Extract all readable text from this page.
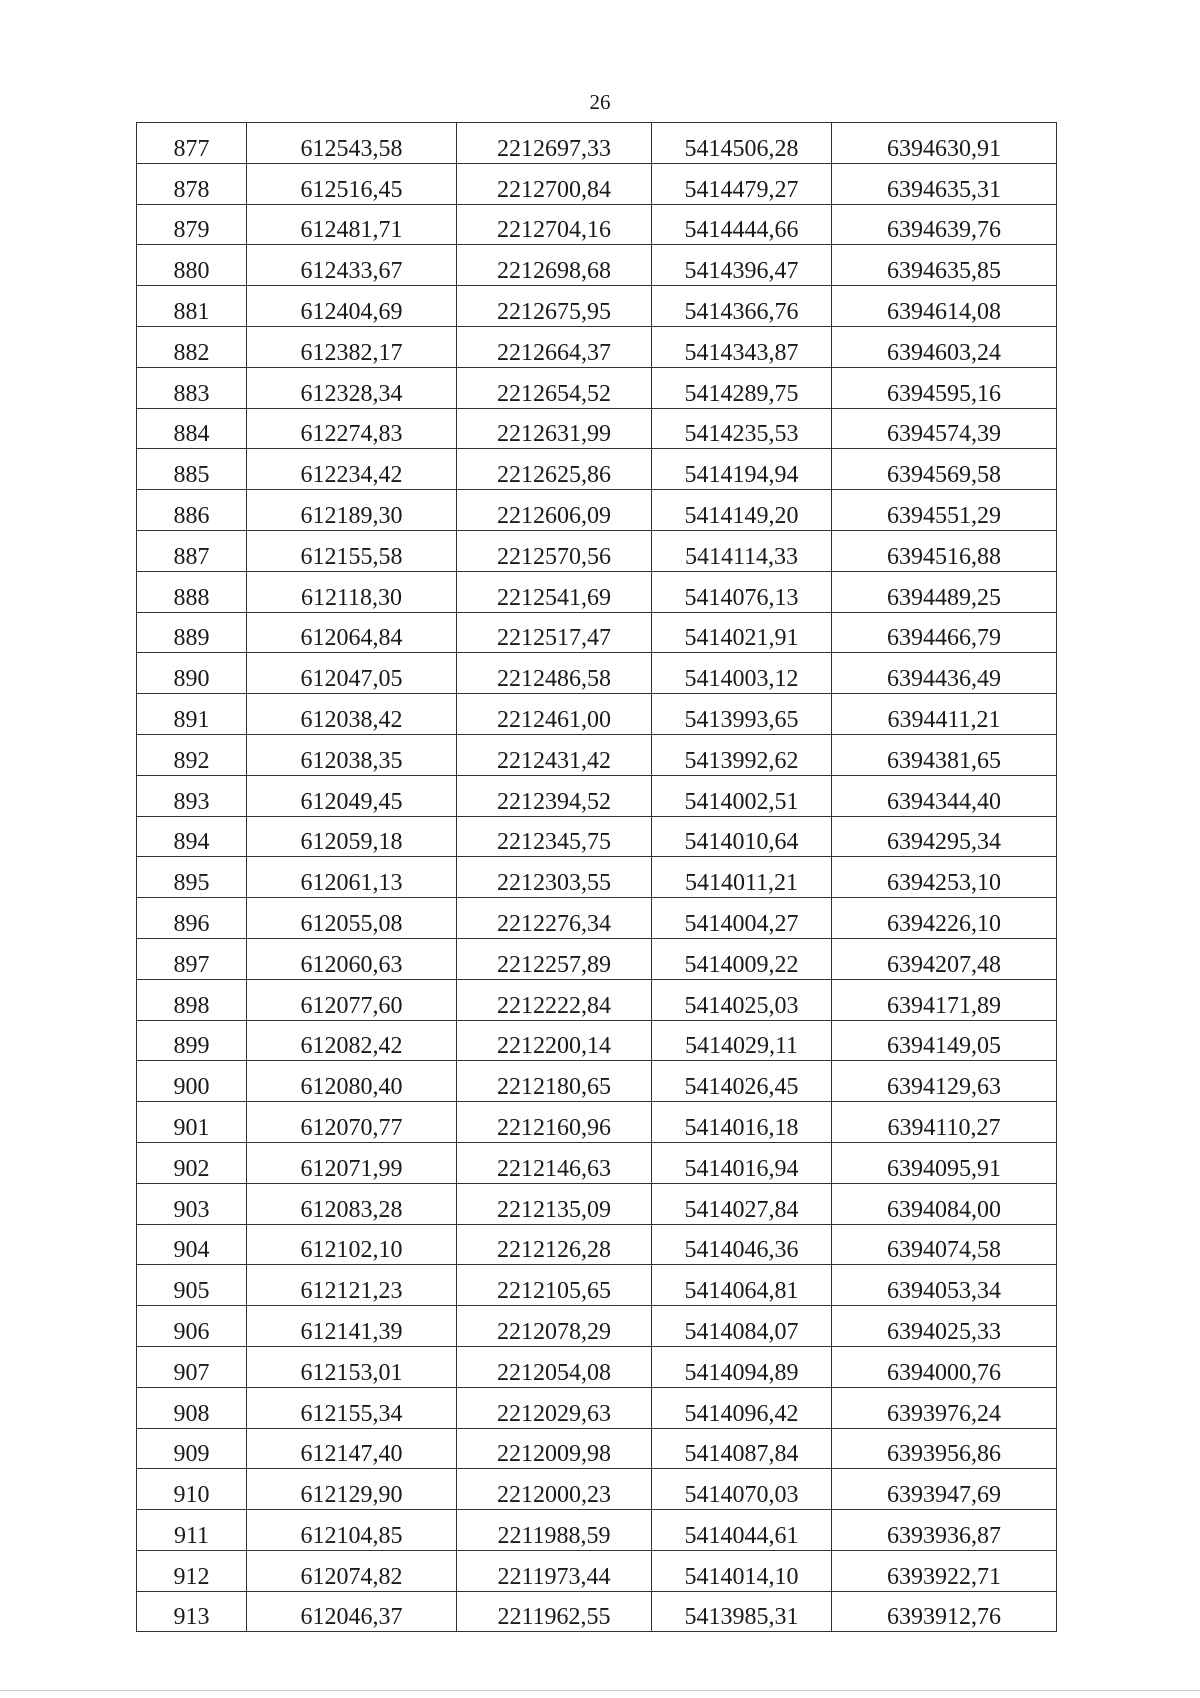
26
877	612543,58	2212697,33	5414506,28	6394630,91
878	612516,45	2212700,84	5414479,27	6394635,31
879	612481,71	2212704,16	5414444,66	6394639,76
880	612433,67	2212698,68	5414396,47	6394635,85
881	612404,69	2212675,95	5414366,76	6394614,08
882	612382,17	2212664,37	5414343,87	6394603,24
883	612328,34	2212654,52	5414289,75	6394595,16
884	612274,83	2212631,99	5414235,53	6394574,39
885	612234,42	2212625,86	5414194,94	6394569,58
886	612189,30	2212606,09	5414149,20	6394551,29
887	612155,58	2212570,56	5414114,33	6394516,88
888	612118,30	2212541,69	5414076,13	6394489,25
889	612064,84	2212517,47	5414021,91	6394466,79
890	612047,05	2212486,58	5414003,12	6394436,49
891	612038,42	2212461,00	5413993,65	6394411,21
892	612038,35	2212431,42	5413992,62	6394381,65
893	612049,45	2212394,52	5414002,51	6394344,40
894	612059,18	2212345,75	5414010,64	6394295,34
895	612061,13	2212303,55	5414011,21	6394253,10
896	612055,08	2212276,34	5414004,27	6394226,10
897	612060,63	2212257,89	5414009,22	6394207,48
898	612077,60	2212222,84	5414025,03	6394171,89
899	612082,42	2212200,14	5414029,11	6394149,05
900	612080,40	2212180,65	5414026,45	6394129,63
901	612070,77	2212160,96	5414016,18	6394110,27
902	612071,99	2212146,63	5414016,94	6394095,91
903	612083,28	2212135,09	5414027,84	6394084,00
904	612102,10	2212126,28	5414046,36	6394074,58
905	612121,23	2212105,65	5414064,81	6394053,34
906	612141,39	2212078,29	5414084,07	6394025,33
907	612153,01	2212054,08	5414094,89	6394000,76
908	612155,34	2212029,63	5414096,42	6393976,24
909	612147,40	2212009,98	5414087,84	6393956,86
910	612129,90	2212000,23	5414070,03	6393947,69
911	612104,85	2211988,59	5414044,61	6393936,87
912	612074,82	2211973,44	5414014,10	6393922,71
913	612046,37	2211962,55	5413985,31	6393912,76
